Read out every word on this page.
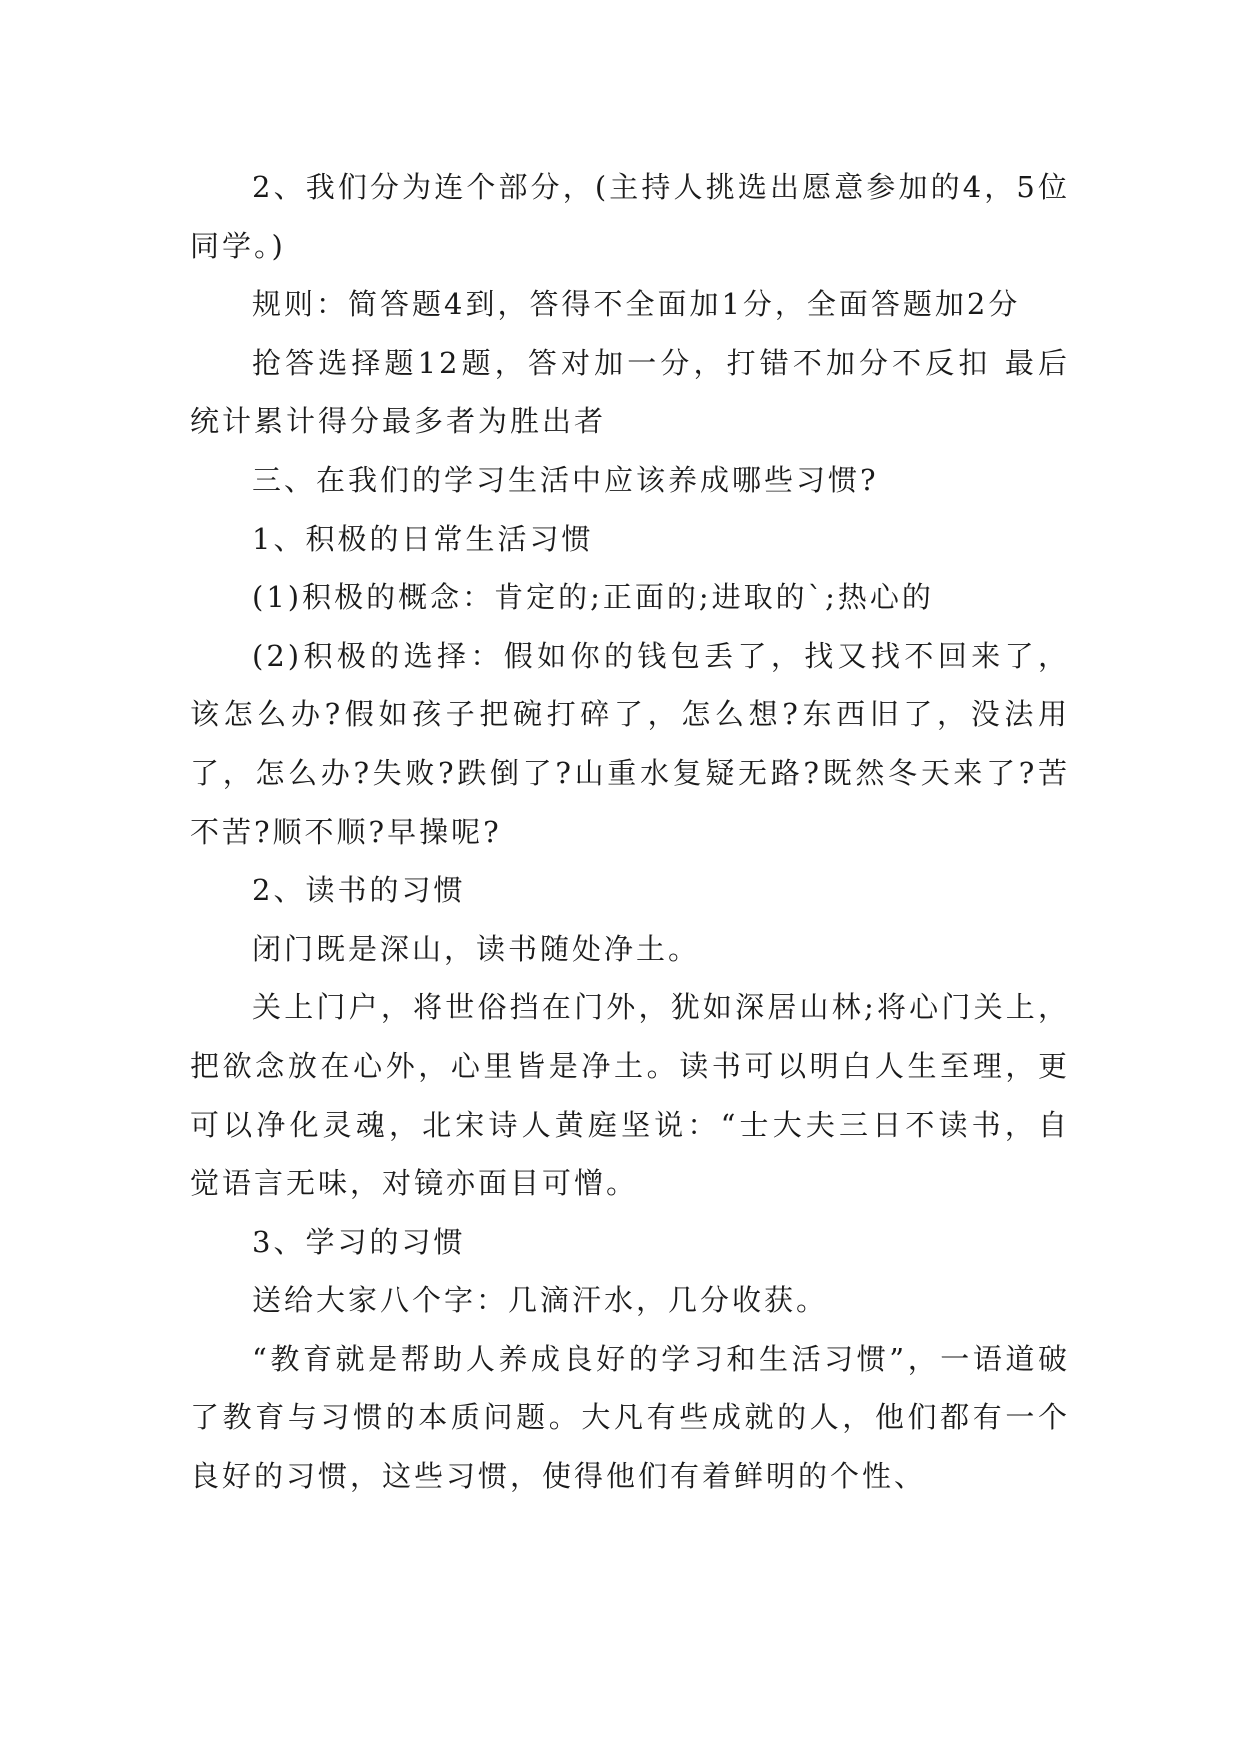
2、我们分为连个部分，(主持人挑选出愿意参加的4，5位同学。)

规则：简答题4到，答得不全面加1分，全面答题加2分

抢答选择题12题，答对加一分，打错不加分不反扣 最后统计累计得分最多者为胜出者

三、在我们的学习生活中应该养成哪些习惯?

1、积极的日常生活习惯

(1)积极的概念：肯定的;正面的;进取的`;热心的

(2)积极的选择：假如你的钱包丢了，找又找不回来了，该怎么办?假如孩子把碗打碎了，怎么想?东西旧了，没法用了，怎么办?失败?跌倒了?山重水复疑无路?既然冬天来了?苦不苦?顺不顺?早操呢?

2、读书的习惯

闭门既是深山，读书随处净土。

关上门户，将世俗挡在门外，犹如深居山林;将心门关上，把欲念放在心外，心里皆是净土。读书可以明白人生至理，更可以净化灵魂，北宋诗人黄庭坚说：“士大夫三日不读书，自觉语言无味，对镜亦面目可憎。

3、学习的习惯

送给大家八个字：几滴汗水，几分收获。

“教育就是帮助人养成良好的学习和生活习惯”，一语道破了教育与习惯的本质问题。大凡有些成就的人，他们都有一个良好的习惯，这些习惯，使得他们有着鲜明的个性、
